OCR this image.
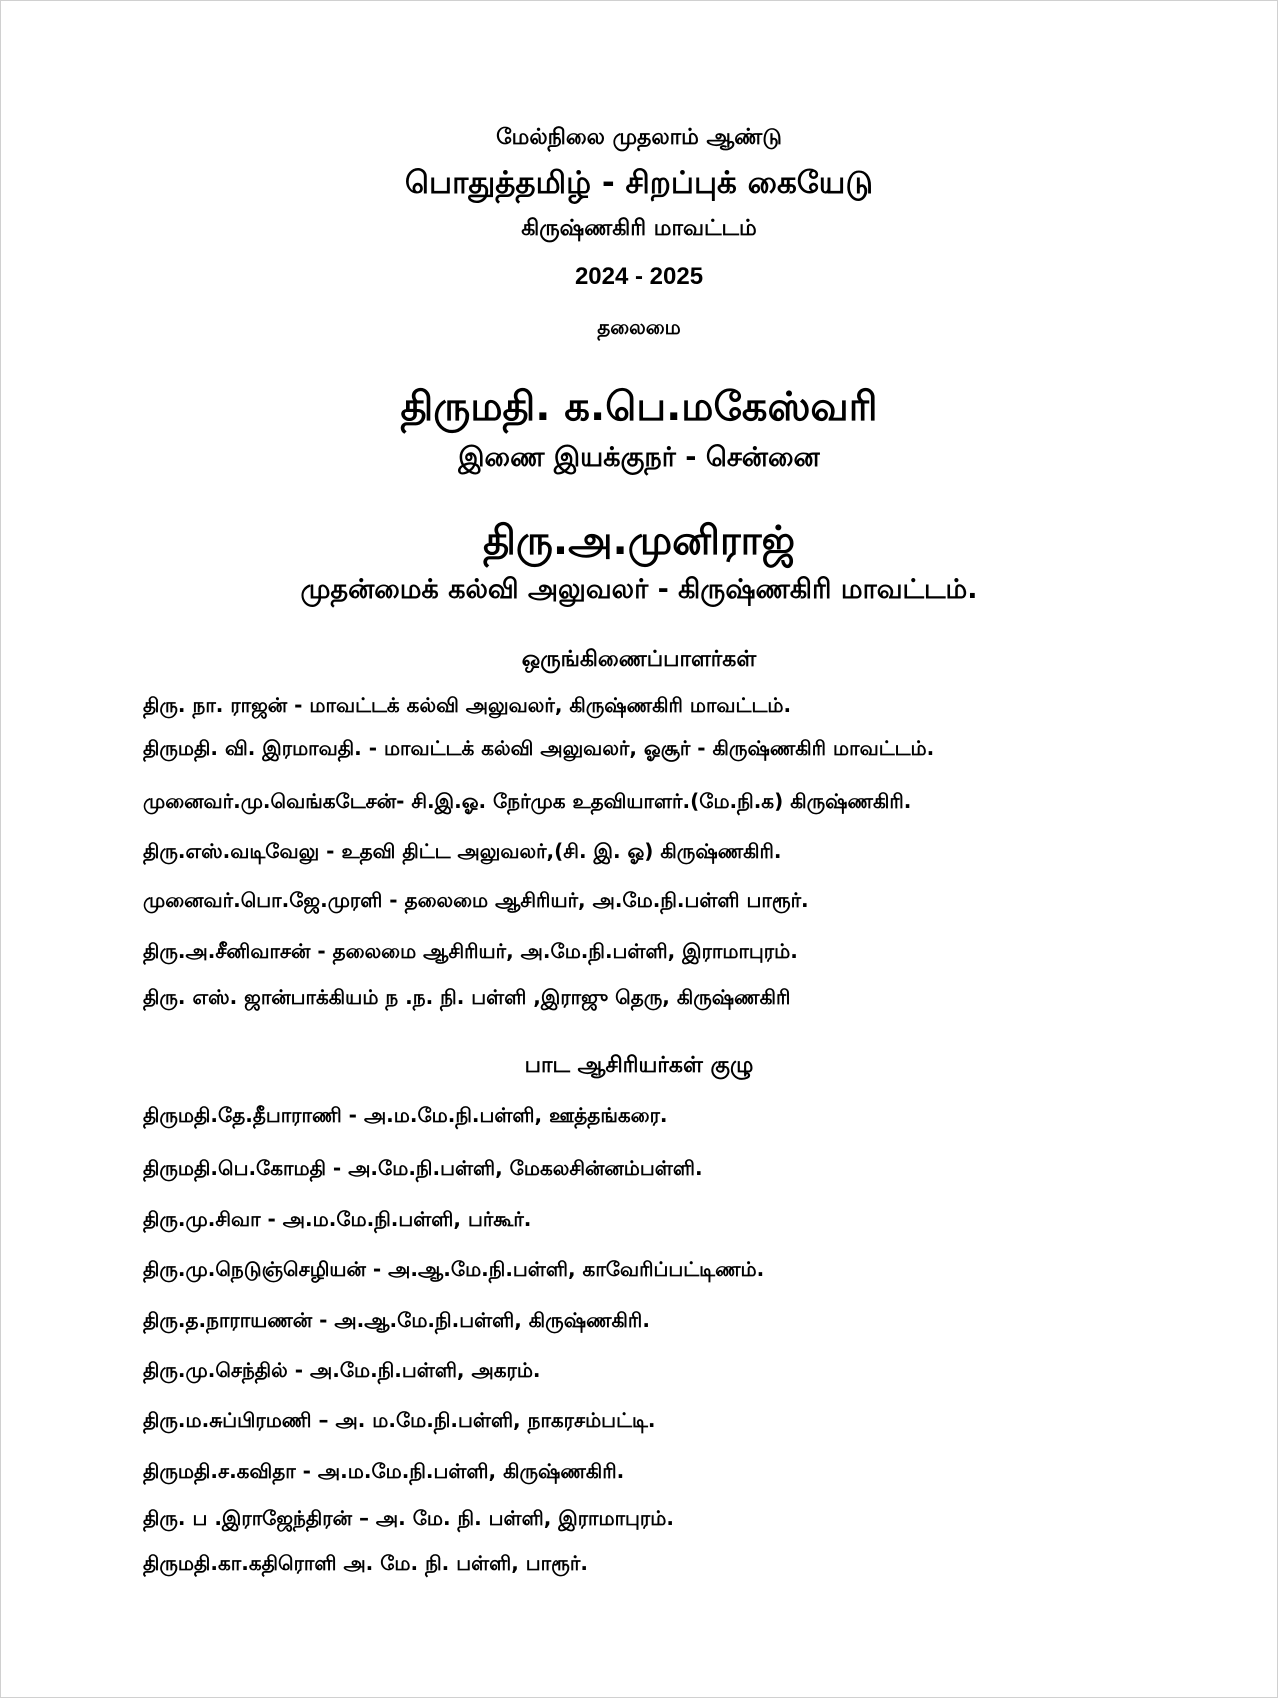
மேல்நிலை முதலாம் ஆண்டு
பொதுத்தமிழ் - சிறப்புக் கையேடு
கிருஷ்ணகிரி மாவட்டம்
2024 - 2025
தலைமை
திருமதி. க.பெ.மகேஸ்வரி
இணை இயக்குநர் - சென்னை
திரு.அ.முனிராஜ்
முதன்மைக் கல்வி அலுவலர் - கிருஷ்ணகிரி மாவட்டம்.
ஒருங்கிணைப்பாளர்கள்
திரு. நா. ராஜன் - மாவட்டக் கல்வி அலுவலர், கிருஷ்ணகிரி மாவட்டம்.
திருமதி. வி. இரமாவதி. - மாவட்டக் கல்வி அலுவலர், ஓசூர் - கிருஷ்ணகிரி மாவட்டம்.
முனைவர்.மு.வெங்கடேசன்- சி.இ.ஓ. நேர்முக உதவியாளர்.(மே.நி.க) கிருஷ்ணகிரி.
திரு.எஸ்.வடிவேலு - உதவி திட்ட அலுவலர்,(சி. இ. ஓ) கிருஷ்ணகிரி.
முனைவர்.பொ.ஜே.முரளி - தலைமை ஆசிரியர், அ.மே.நி.பள்ளி பாரூர்.
திரு.அ.சீனிவாசன் - தலைமை ஆசிரியர், அ.மே.நி.பள்ளி, இராமாபுரம்.
திரு. எஸ். ஜான்பாக்கியம் ந .ந. நி. பள்ளி ,இராஜு தெரு, கிருஷ்ணகிரி
பாட ஆசிரியர்கள் குழு
திருமதி.தே.தீபாராணி - அ.ம.மே.நி.பள்ளி, ஊத்தங்கரை.
திருமதி.பெ.கோமதி - அ.மே.நி.பள்ளி, மேகலசின்னம்பள்ளி.
திரு.மு.சிவா - அ.ம.மே.நி.பள்ளி, பர்கூர்.
திரு.மு.நெடுஞ்செழியன் - அ.ஆ.மே.நி.பள்ளி, காவேரிப்பட்டிணம்.
திரு.த.நாராயணன் - அ.ஆ.மே.நி.பள்ளி, கிருஷ்ணகிரி.
திரு.மு.செந்தில் - அ.மே.நி.பள்ளி, அகரம்.
திரு.ம.சுப்பிரமணி – அ. ம.மே.நி.பள்ளி, நாகரசம்பட்டி.
திருமதி.ச.கவிதா - அ.ம.மே.நி.பள்ளி, கிருஷ்ணகிரி.
திரு. ப .இராஜேந்திரன் – அ. மே. நி. பள்ளி, இராமாபுரம்.
திருமதி.கா.கதிரொளி அ. மே. நி. பள்ளி, பாரூர்.
